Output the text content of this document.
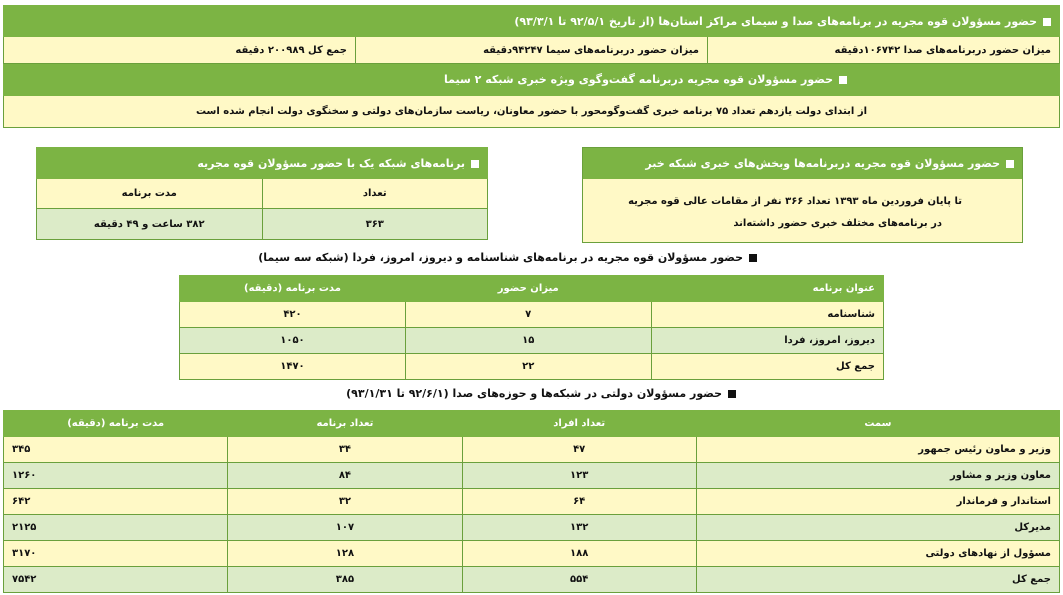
حضور مسؤولان قوه مجریه در برنامه‌های صدا و سیمای مراکز استان‌ها (از تاریخ ۹۲/۵/۱ تا ۹۳/۳/۱)
میزان حضور دربرنامه‌های صدا ۱۰۶۷۴۲دقیقه	میزان حضور دربرنامه‌های سیما ۹۴۲۴۷دقیقه	جمع کل ۲۰۰۹۸۹ دقیقه
حضور مسؤولان قوه مجریه دربرنامه گفت‌وگوی ویژه خبری شبکه ۲ سیما
از ابتدای دولت یازدهم تعداد ۷۵ برنامه خبری گفت‌وگومحور با حضور معاونان، ریاست سازمان‌های دولتی و سخنگوی دولت انجام شده است
حضور مسؤولان قوه مجریه دربرنامه‌ها وبخش‌های خبری شبکه خبر
تا پایان فروردین ماه ۱۳۹۳ تعداد ۳۶۶ نفر از مقامات عالی قوه مجریه
در برنامه‌های مختلف خبری حضور داشته‌اند
برنامه‌های شبکه یک با حضور مسؤولان قوه مجریه	
تعداد	مدت برنامه
۳۶۳	۳۸۲ ساعت و ۴۹ دقیقه
حضور مسؤولان قوه مجریه در برنامه‌های شناسنامه و دیروز، امروز، فردا (شبکه سه سیما)
عنوان برنامه	میزان حضور	مدت برنامه (دقیقه)
شناسنامه	۷	۴۲۰
دیروز، امروز، فردا	۱۵	۱۰۵۰
جمع کل	۲۲	۱۴۷۰
حضور مسؤولان دولتی در شبکه‌ها و حوزه‌های صدا (۹۲/۶/۱ تا ۹۳/۱/۳۱)
سمت	تعداد افراد	تعداد برنامه	مدت برنامه (دقیقه)
وزیر و معاون رئیس جمهور	۴۷	۳۴	۳۴۵
معاون وزیر و مشاور	۱۲۳	۸۴	۱۲۶۰
استاندار و فرماندار	۶۴	۳۲	۶۴۲
مدیرکل	۱۳۲	۱۰۷	۲۱۲۵
مسؤول از نهادهای دولتی	۱۸۸	۱۲۸	۳۱۷۰
جمع کل	۵۵۴	۳۸۵	۷۵۴۲
